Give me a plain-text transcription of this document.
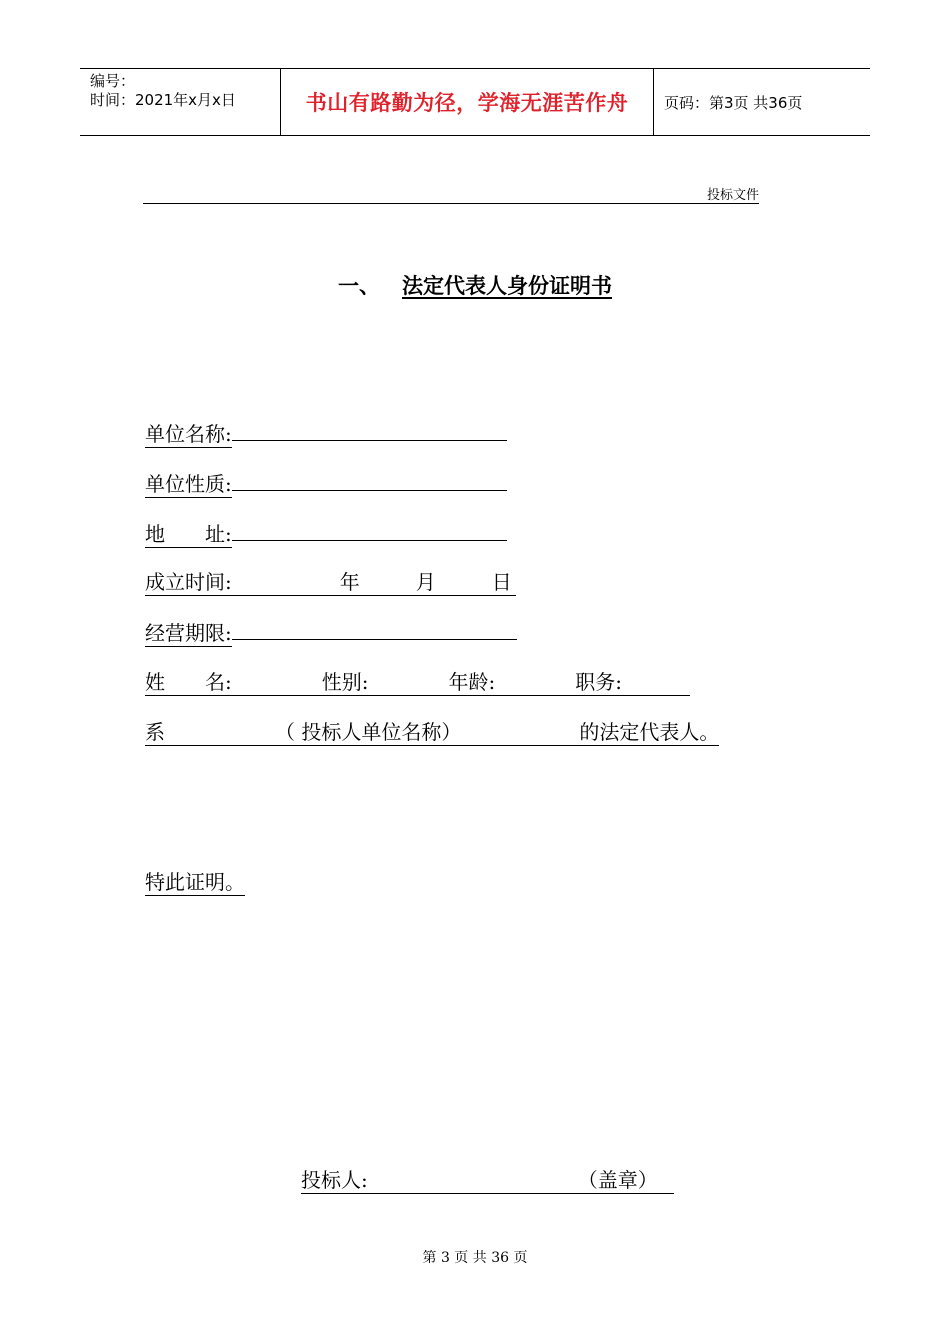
编号：
时间：2021年x月x日	书山有路勤为径，学海无涯苦作舟	页码：第3页 共36页
投标文件
一、 法定代表人身份证明书
单位名称:
单位性质:
地　　址:
成立时间:	年	月	日
经营期限:
姓　　名:	性别:	年龄:	职务:
系	（ 投标人单位名称）	的法定代表人。
特此证明。
投标人:	（盖章）
第 3 页 共 36 页
